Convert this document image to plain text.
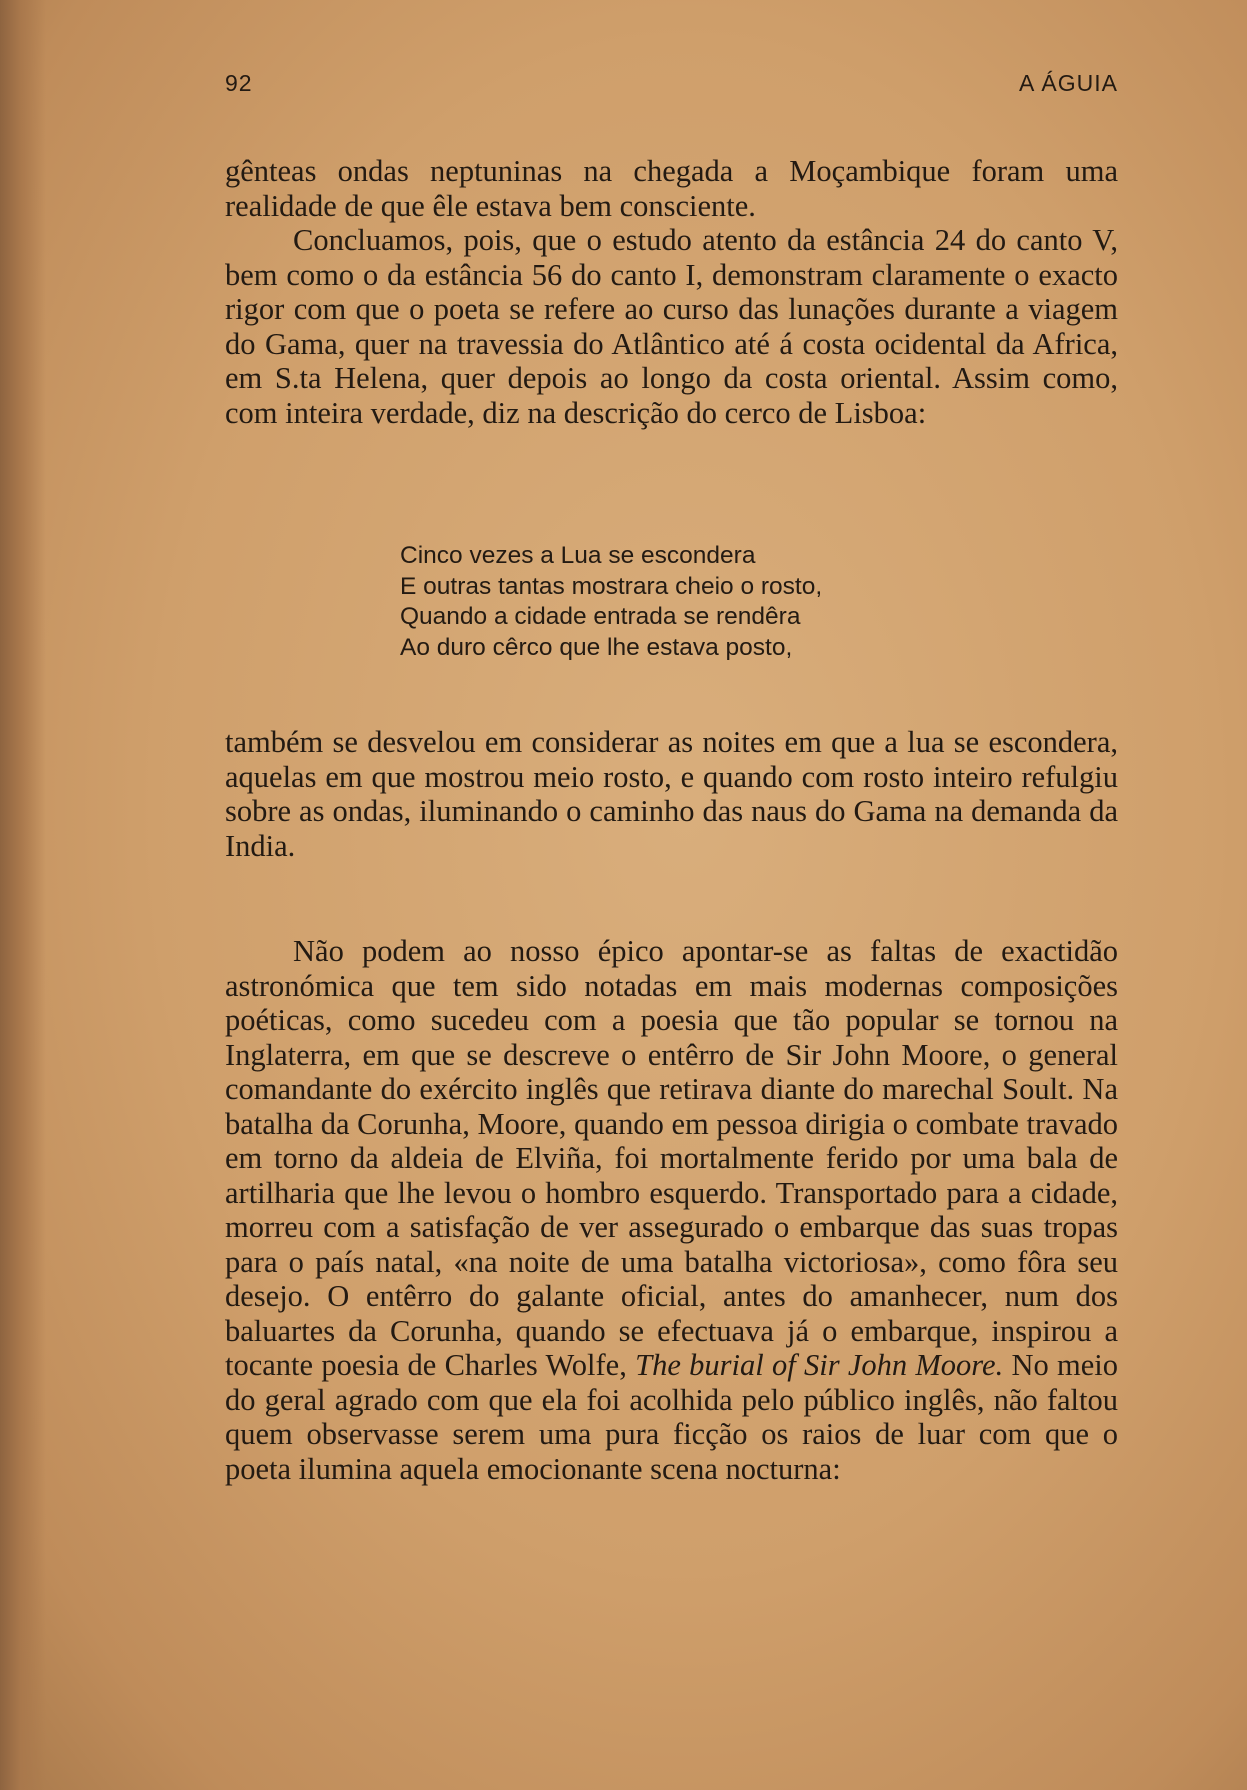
92	A ÁGUIA

gênteas ondas neptuninas na chegada a Moçambique foram uma realidade de que êle estava bem consciente.
Concluamos, pois, que o estudo atento da estância 24 do canto V, bem como o da estância 56 do canto I, demonstram claramente o exacto rigor com que o poeta se refere ao curso das lunações durante a viagem do Gama, quer na travessia do Atlântico até á costa ocidental da Africa, em S.ta Helena, quer depois ao longo da costa oriental. Assim como, com inteira verdade, diz na descrição do cerco de Lisboa:

Cinco vezes a Lua se escondera
E outras tantas mostrara cheio o rosto,
Quando a cidade entrada se rendêra
Ao duro cêrco que lhe estava posto,

também se desvelou em considerar as noites em que a lua se escondera, aquelas em que mostrou meio rosto, e quando com rosto inteiro refulgiu sobre as ondas, iluminando o caminho das naus do Gama na demanda da India.

Não podem ao nosso épico apontar-se as faltas de exactidão astronómica que tem sido notadas em mais modernas composições poéticas, como sucedeu com a poesia que tão popular se tornou na Inglaterra, em que se descreve o entêrro de Sir John Moore, o general comandante do exército inglês que retirava diante do marechal Soult. Na batalha da Corunha, Moore, quando em pessoa dirigia o combate travado em torno da aldeia de Elviña, foi mortalmente ferido por uma bala de artilharia que lhe levou o hombro esquerdo. Transportado para a cidade, morreu com a satisfação de ver assegurado o embarque das suas tropas para o país natal, «na noite de uma batalha victoriosa», como fôra seu desejo. O entêrro do galante oficial, antes do amanhecer, num dos baluartes da Corunha, quando se efectuava já o embarque, inspirou a tocante poesia de Charles Wolfe, The burial of Sir John Moore. No meio do geral agrado com que ela foi acolhida pelo público inglês, não faltou quem observasse serem uma pura ficção os raios de luar com que o poeta ilumina aquela emocionante scena nocturna:
